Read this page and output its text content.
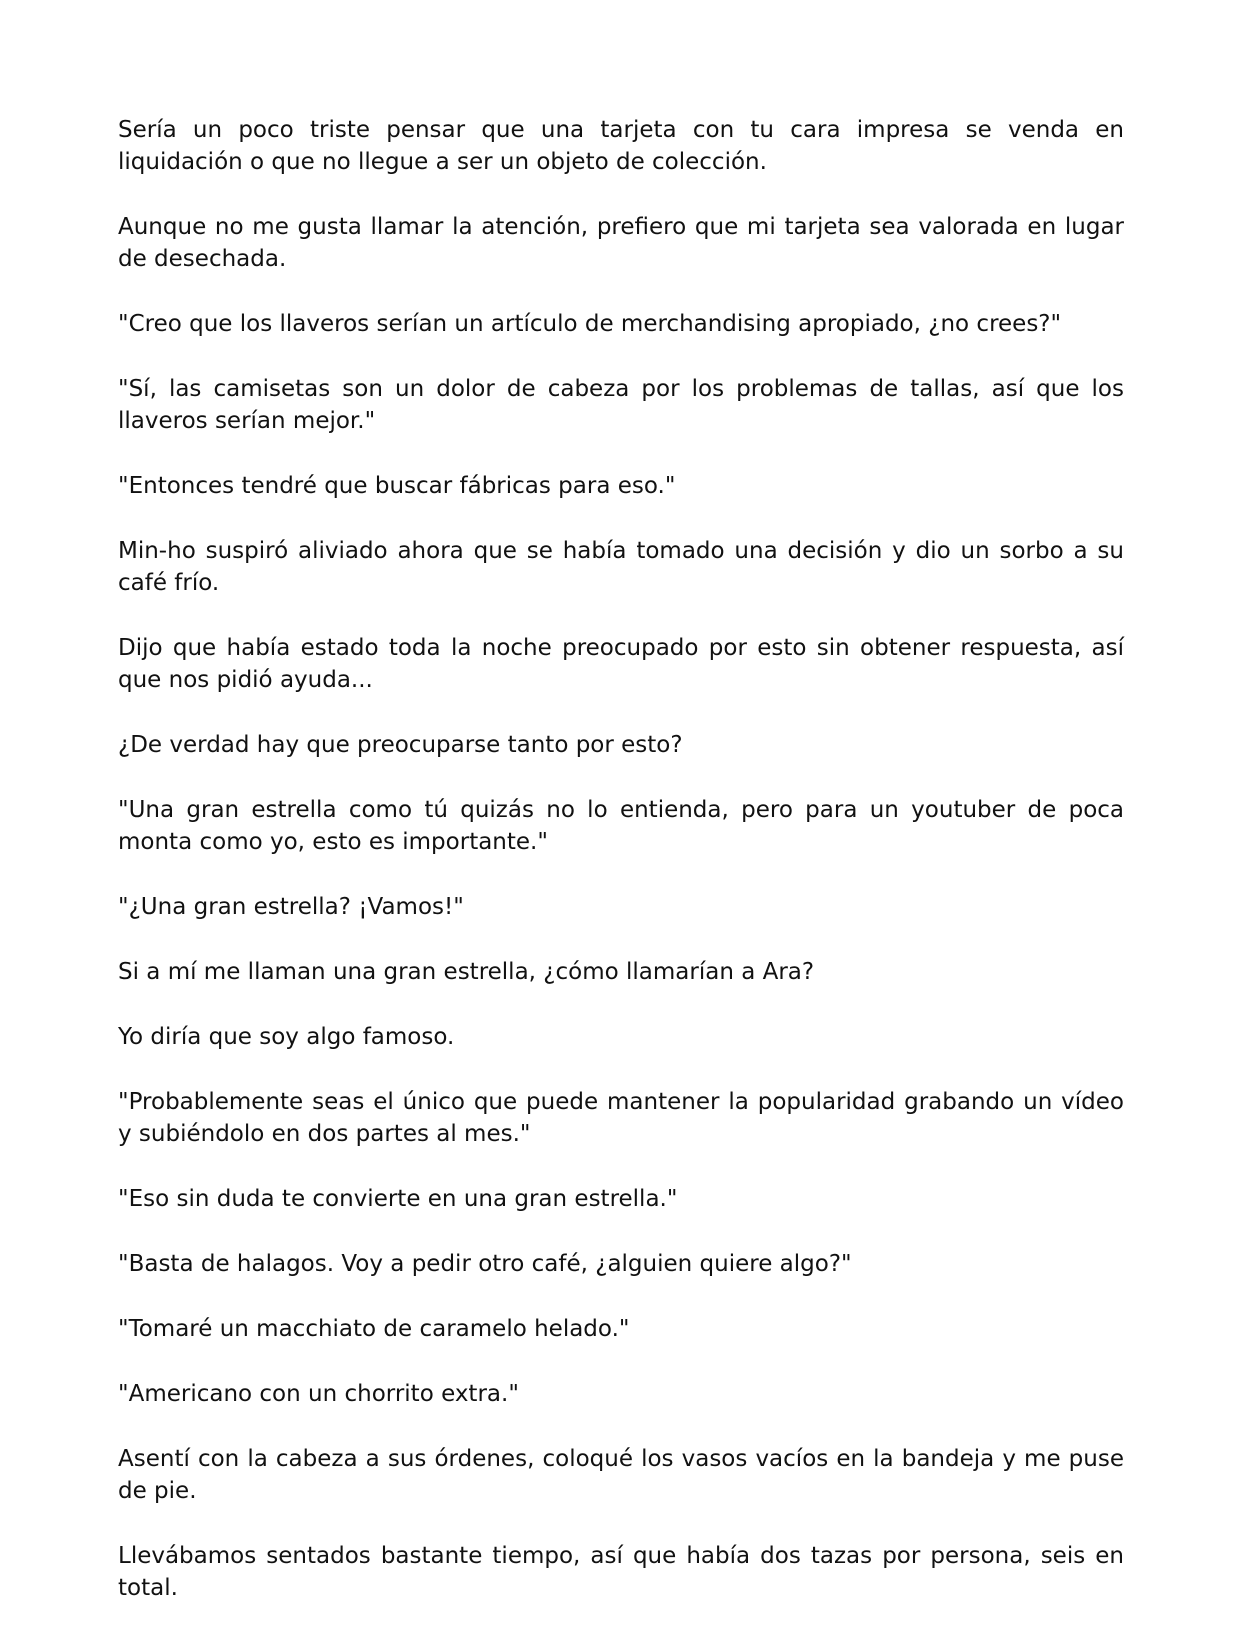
Sería un poco triste pensar que una tarjeta con tu cara impresa se venda en liquidación o que no llegue a ser un objeto de colección.

Aunque no me gusta llamar la atención, prefiero que mi tarjeta sea valorada en lugar de desechada.

"Creo que los llaveros serían un artículo de merchandising apropiado, ¿no crees?"

"Sí, las camisetas son un dolor de cabeza por los problemas de tallas, así que los llaveros serían mejor."

"Entonces tendré que buscar fábricas para eso."

Min-ho suspiró aliviado ahora que se había tomado una decisión y dio un sorbo a su café frío.

Dijo que había estado toda la noche preocupado por esto sin obtener respuesta, así que nos pidió ayuda...

¿De verdad hay que preocuparse tanto por esto?

"Una gran estrella como tú quizás no lo entienda, pero para un youtuber de poca monta como yo, esto es importante."

"¿Una gran estrella? ¡Vamos!"

Si a mí me llaman una gran estrella, ¿cómo llamarían a Ara?

Yo diría que soy algo famoso.

"Probablemente seas el único que puede mantener la popularidad grabando un vídeo y subiéndolo en dos partes al mes."

"Eso sin duda te convierte en una gran estrella."

"Basta de halagos. Voy a pedir otro café, ¿alguien quiere algo?"

"Tomaré un macchiato de caramelo helado."

"Americano con un chorrito extra."

Asentí con la cabeza a sus órdenes, coloqué los vasos vacíos en la bandeja y me puse de pie.

Llevábamos sentados bastante tiempo, así que había dos tazas por persona, seis en total.
